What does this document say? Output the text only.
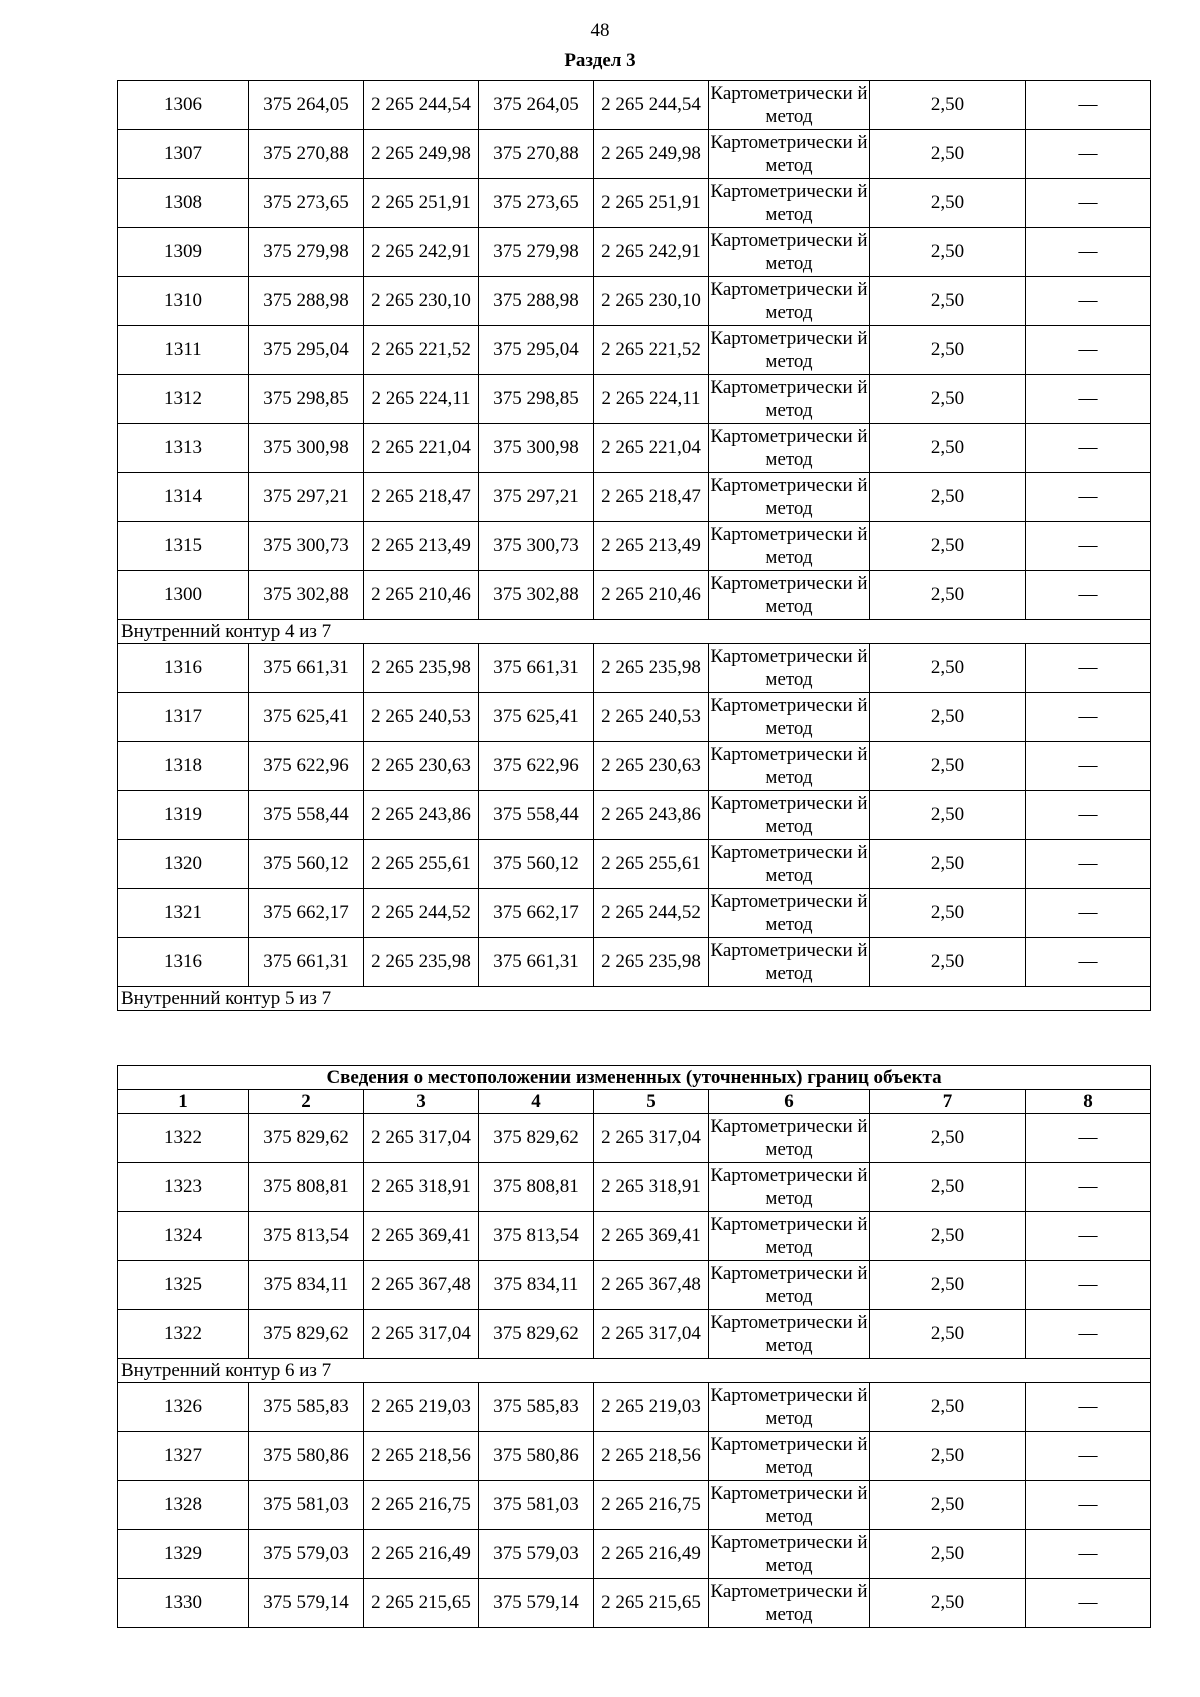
48
Раздел 3
1306	375 264,05	2 265 244,54	375 264,05	2 265 244,54	Картометрически й метод	2,50	—
1307	375 270,88	2 265 249,98	375 270,88	2 265 249,98	Картометрически й метод	2,50	—
1308	375 273,65	2 265 251,91	375 273,65	2 265 251,91	Картометрически й метод	2,50	—
1309	375 279,98	2 265 242,91	375 279,98	2 265 242,91	Картометрически й метод	2,50	—
1310	375 288,98	2 265 230,10	375 288,98	2 265 230,10	Картометрически й метод	2,50	—
1311	375 295,04	2 265 221,52	375 295,04	2 265 221,52	Картометрически й метод	2,50	—
1312	375 298,85	2 265 224,11	375 298,85	2 265 224,11	Картометрически й метод	2,50	—
1313	375 300,98	2 265 221,04	375 300,98	2 265 221,04	Картометрически й метод	2,50	—
1314	375 297,21	2 265 218,47	375 297,21	2 265 218,47	Картометрически й метод	2,50	—
1315	375 300,73	2 265 213,49	375 300,73	2 265 213,49	Картометрически й метод	2,50	—
1300	375 302,88	2 265 210,46	375 302,88	2 265 210,46	Картометрически й метод	2,50	—
Внутренний контур 4 из 7							
1316	375 661,31	2 265 235,98	375 661,31	2 265 235,98	Картометрически й метод	2,50	—
1317	375 625,41	2 265 240,53	375 625,41	2 265 240,53	Картометрически й метод	2,50	—
1318	375 622,96	2 265 230,63	375 622,96	2 265 230,63	Картометрически й метод	2,50	—
1319	375 558,44	2 265 243,86	375 558,44	2 265 243,86	Картометрически й метод	2,50	—
1320	375 560,12	2 265 255,61	375 560,12	2 265 255,61	Картометрически й метод	2,50	—
1321	375 662,17	2 265 244,52	375 662,17	2 265 244,52	Картометрически й метод	2,50	—
1316	375 661,31	2 265 235,98	375 661,31	2 265 235,98	Картометрически й метод	2,50	—
Внутренний контур 5 из 7							
Сведения о местоположении измененных (уточненных) границ объекта							
1	2	3	4	5	6	7	8
1322	375 829,62	2 265 317,04	375 829,62	2 265 317,04	Картометрически й метод	2,50	—
1323	375 808,81	2 265 318,91	375 808,81	2 265 318,91	Картометрически й метод	2,50	—
1324	375 813,54	2 265 369,41	375 813,54	2 265 369,41	Картометрически й метод	2,50	—
1325	375 834,11	2 265 367,48	375 834,11	2 265 367,48	Картометрически й метод	2,50	—
1322	375 829,62	2 265 317,04	375 829,62	2 265 317,04	Картометрически й метод	2,50	—
Внутренний контур 6 из 7							
1326	375 585,83	2 265 219,03	375 585,83	2 265 219,03	Картометрически й метод	2,50	—
1327	375 580,86	2 265 218,56	375 580,86	2 265 218,56	Картометрически й метод	2,50	—
1328	375 581,03	2 265 216,75	375 581,03	2 265 216,75	Картометрически й метод	2,50	—
1329	375 579,03	2 265 216,49	375 579,03	2 265 216,49	Картометрически й метод	2,50	—
1330	375 579,14	2 265 215,65	375 579,14	2 265 215,65	Картометрически й метод	2,50	—
